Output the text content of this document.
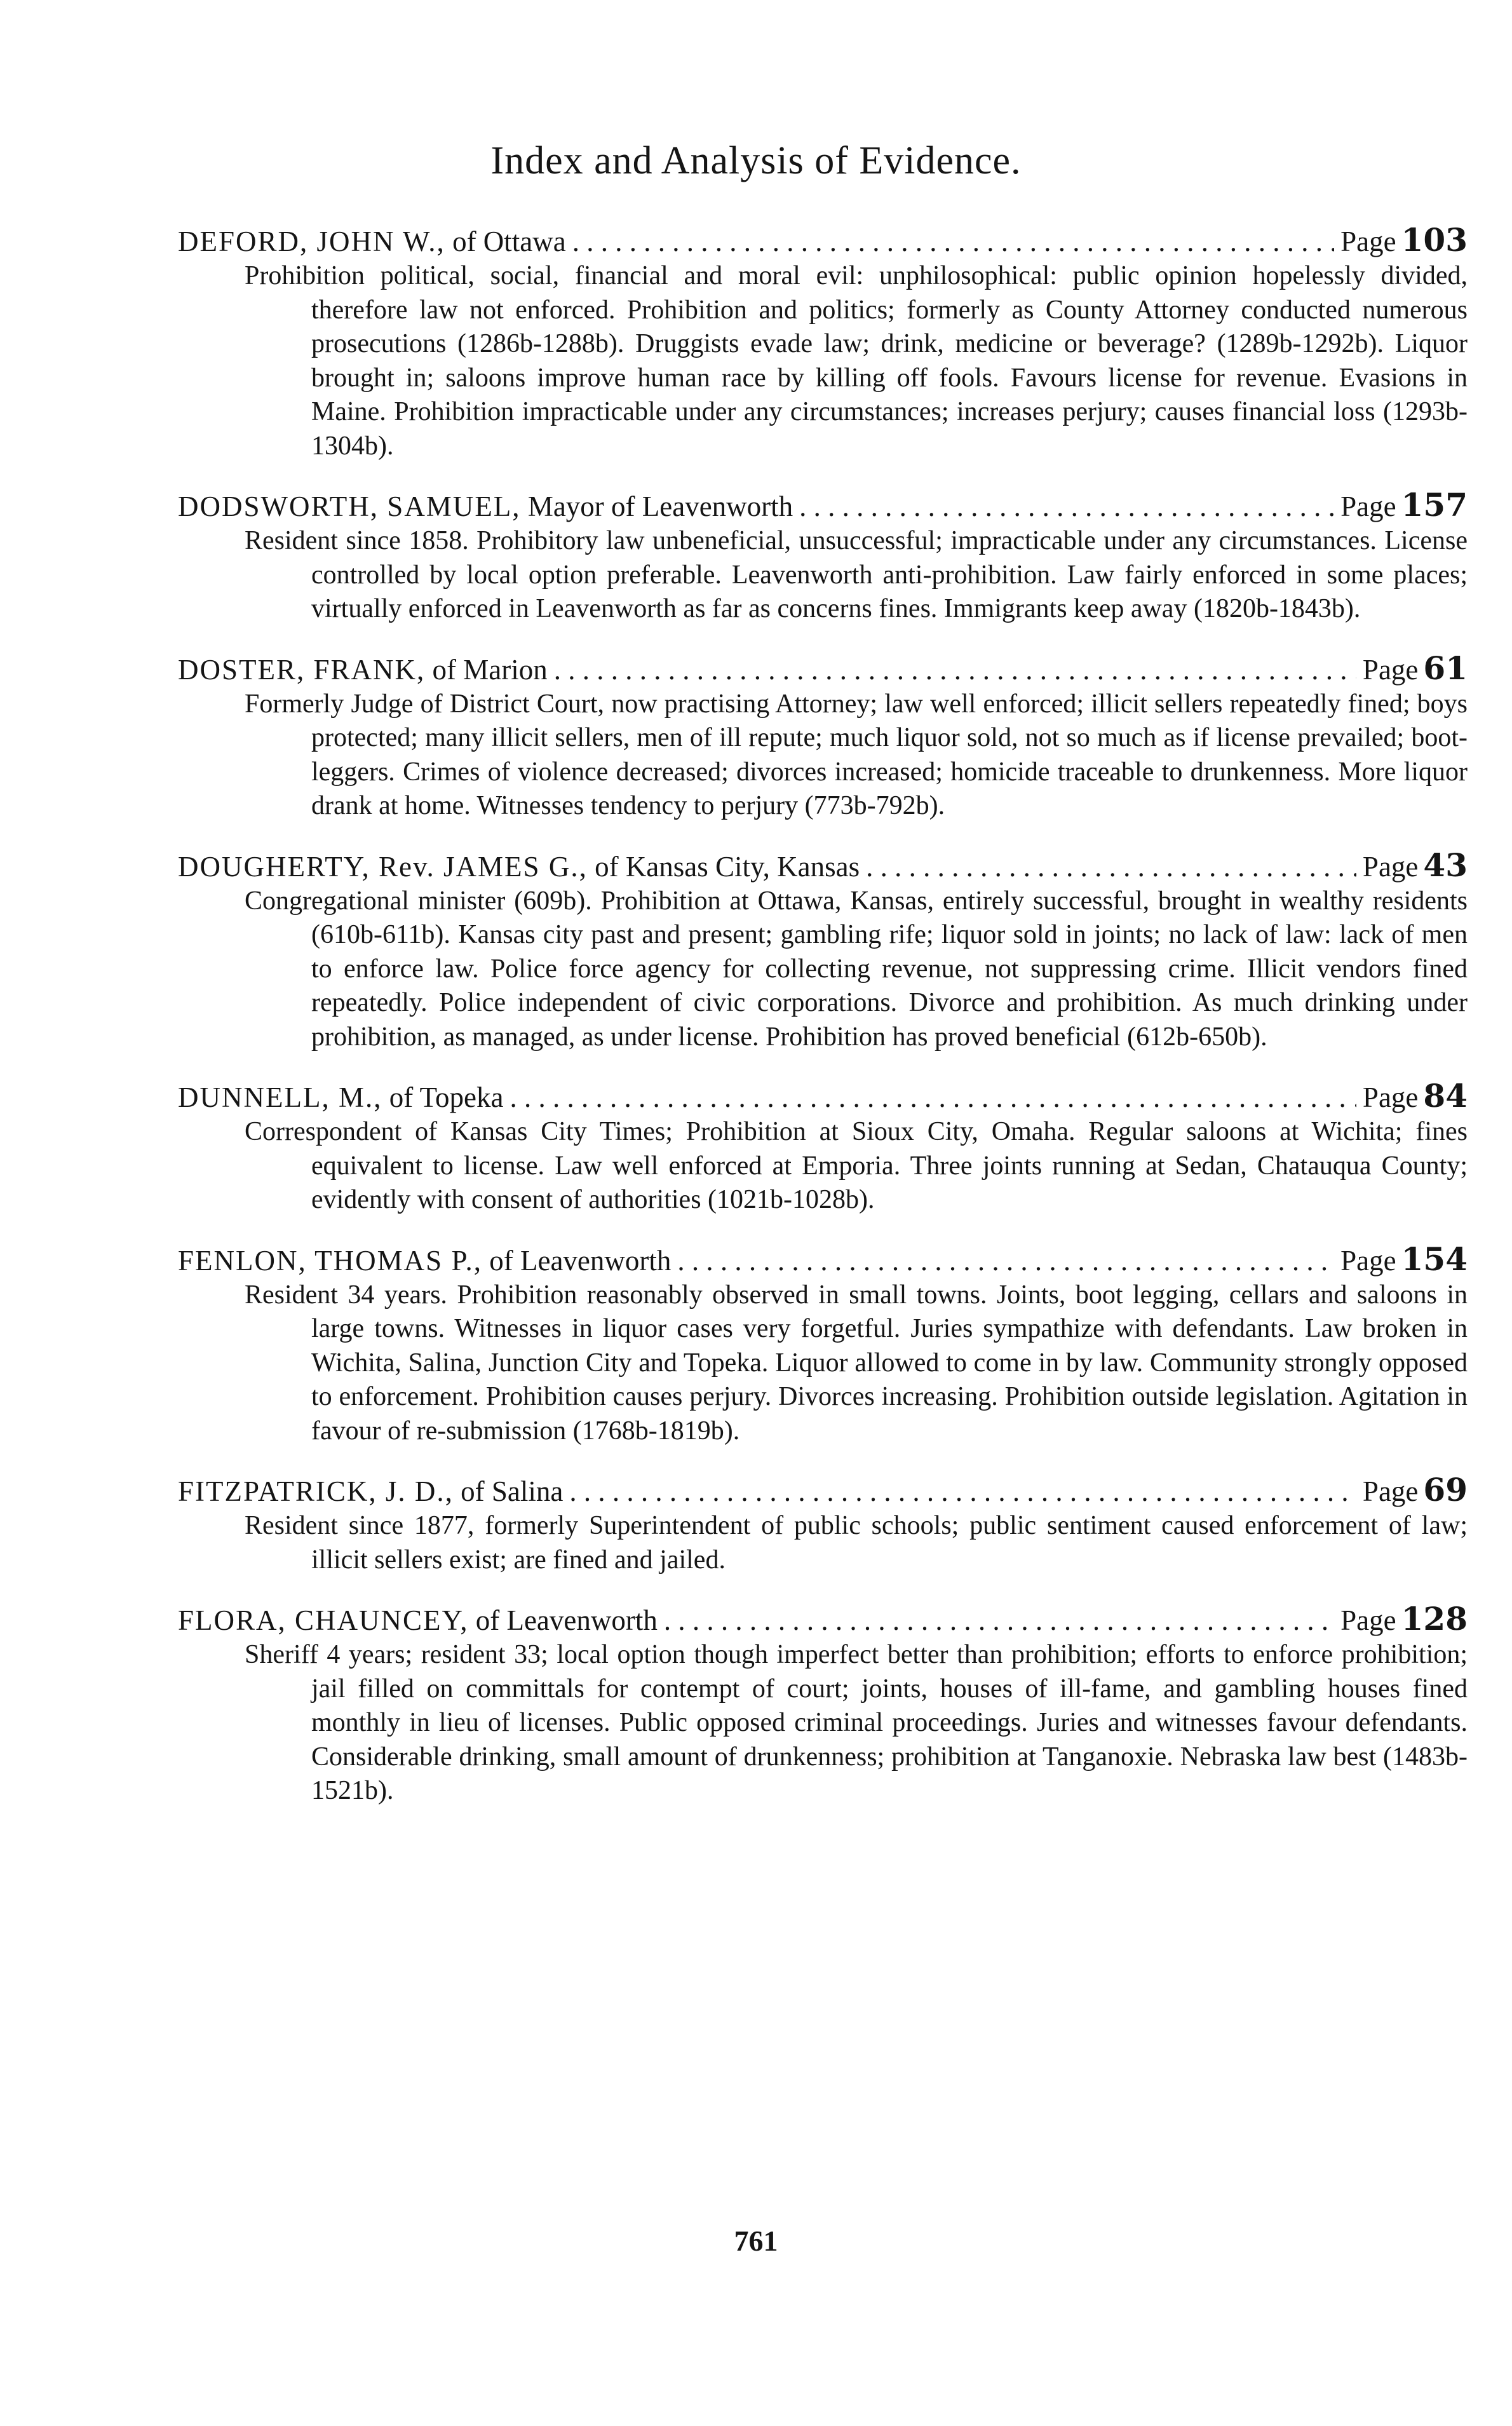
Index and Analysis of Evidence.
DEFORD, JOHN W.,
of Ottawa . . .	Page 103
Prohibition political, social, financial and moral evil: unphilosophical: public opinion hopelessly divided, therefore law not enforced. Prohibition and politics; formerly as County Attorney conducted numerous prosecutions (1286b-1288b). Druggists evade law; drink, medicine or beverage? (1289b-1292b). Liquor brought in; saloons improve human race by killing off fools. Favours license for revenue. Evasions in Maine. Prohibition impracticable under any circumstances; increases perjury; causes financial loss (1293b-1304b).
DODSWORTH, SAMUEL,
Mayor of Leavenworth . . .	Page 157
Resident since 1858. Prohibitory law unbeneficial, unsuccessful; impracticable under any circumstances. License controlled by local option preferable. Leavenworth anti-prohibition. Law fairly enforced in some places; virtually enforced in Leavenworth as far as concerns fines. Immigrants keep away (1820b-1843b).
DOSTER, FRANK,
of Marion . . .	Page 61
Formerly Judge of District Court, now practising Attorney; law well enforced; illicit sellers repeatedly fined; boys protected; many illicit sellers, men of ill repute; much liquor sold, not so much as if license prevailed; boot-leggers. Crimes of violence decreased; divorces increased; homicide traceable to drunkenness. More liquor drank at home. Witnesses tendency to perjury (773b-792b).
DOUGHERTY, Rev. JAMES G.,
of Kansas City, Kansas . . .	Page 43
Congregational minister (609b). Prohibition at Ottawa, Kansas, entirely successful, brought in wealthy residents (610b-611b). Kansas city past and present; gambling rife; liquor sold in joints; no lack of law: lack of men to enforce law. Police force agency for collecting revenue, not suppressing crime. Illicit vendors fined repeatedly. Police independent of civic corporations. Divorce and prohibition. As much drinking under prohibition, as managed, as under license. Prohibition has proved beneficial (612b-650b).
DUNNELL, M.,
of Topeka . . .	Page 84
Correspondent of Kansas City Times; Prohibition at Sioux City, Omaha. Regular saloons at Wichita; fines equivalent to license. Law well enforced at Emporia. Three joints running at Sedan, Chatauqua County; evidently with consent of authorities (1021b-1028b).
FENLON, THOMAS P.,
of Leavenworth . . .	Page 154
Resident 34 years. Prohibition reasonably observed in small towns. Joints, boot legging, cellars and saloons in large towns. Witnesses in liquor cases very forgetful. Juries sympathize with defendants. Law broken in Wichita, Salina, Junction City and Topeka. Liquor allowed to come in by law. Community strongly opposed to enforcement. Prohibition causes perjury. Divorces increasing. Prohibition outside legislation. Agitation in favour of re-submission (1768b-1819b).
FITZPATRICK, J. D.,
of Salina . . .	Page 69
Resident since 1877, formerly Superintendent of public schools; public sentiment caused enforcement of law; illicit sellers exist; are fined and jailed.
FLORA, CHAUNCEY,
of Leavenworth . . .	Page 128
Sheriff 4 years; resident 33; local option though imperfect better than prohibition; efforts to enforce prohibition; jail filled on committals for contempt of court; joints, houses of ill-fame, and gambling houses fined monthly in lieu of licenses. Public opposed criminal proceedings. Juries and witnesses favour defendants. Considerable drinking, small amount of drunkenness; prohibition at Tanganoxie. Nebraska law best (1483b-1521b).
761
